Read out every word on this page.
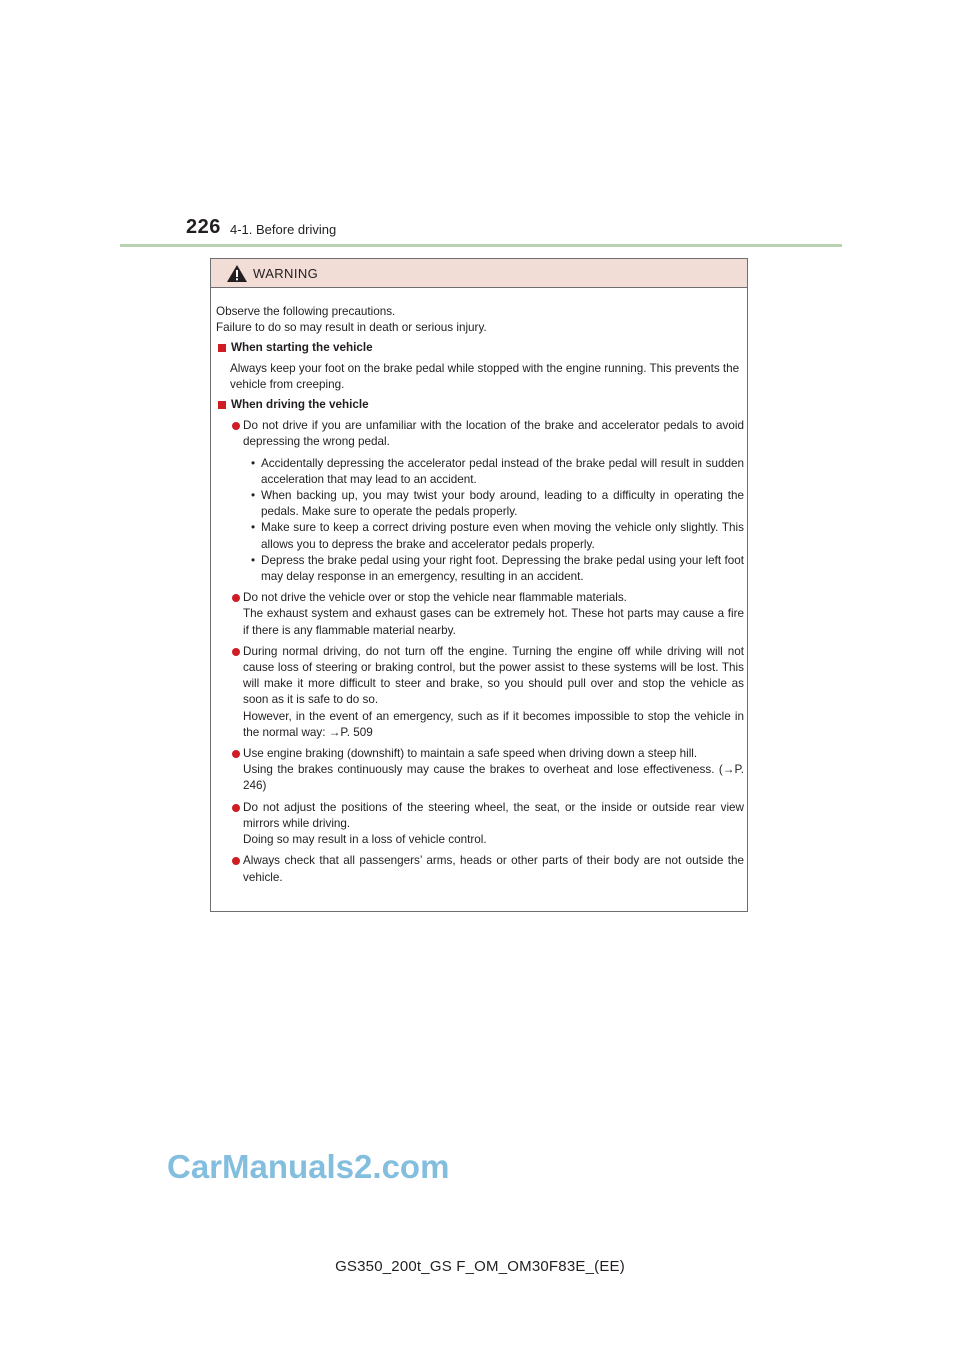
226 4-1. Before driving
WARNING

Observe the following precautions.

Failure to do so may result in death or serious injury.

When starting the vehicle

Always keep your foot on the brake pedal while stopped with the engine running. This prevents the vehicle from creeping.

When driving the vehicle

Do not drive if you are unfamiliar with the location of the brake and accelerator pedals to avoid depressing the wrong pedal.
• Accidentally depressing the accelerator pedal instead of the brake pedal will result in sudden acceleration that may lead to an accident.
• When backing up, you may twist your body around, leading to a difficulty in operating the pedals. Make sure to operate the pedals properly.
• Make sure to keep a correct driving posture even when moving the vehicle only slightly. This allows you to depress the brake and accelerator pedals properly.
• Depress the brake pedal using your right foot. Depressing the brake pedal using your left foot may delay response in an emergency, resulting in an accident.
Do not drive the vehicle over or stop the vehicle near flammable materials.
The exhaust system and exhaust gases can be extremely hot. These hot parts may cause a fire if there is any flammable material nearby.
During normal driving, do not turn off the engine. Turning the engine off while driving will not cause loss of steering or braking control, but the power assist to these systems will be lost. This will make it more difficult to steer and brake, so you should pull over and stop the vehicle as soon as it is safe to do so.
However, in the event of an emergency, such as if it becomes impossible to stop the vehicle in the normal way: →P. 509
Use engine braking (downshift) to maintain a safe speed when driving down a steep hill.
Using the brakes continuously may cause the brakes to overheat and lose effectiveness. (→P. 246)
Do not adjust the positions of the steering wheel, the seat, or the inside or outside rear view mirrors while driving.
Doing so may result in a loss of vehicle control.
Always check that all passengers’ arms, heads or other parts of their body are not outside the vehicle.
CarManuals2.com
GS350_200t_GS F_OM_OM30F83E_(EE)
